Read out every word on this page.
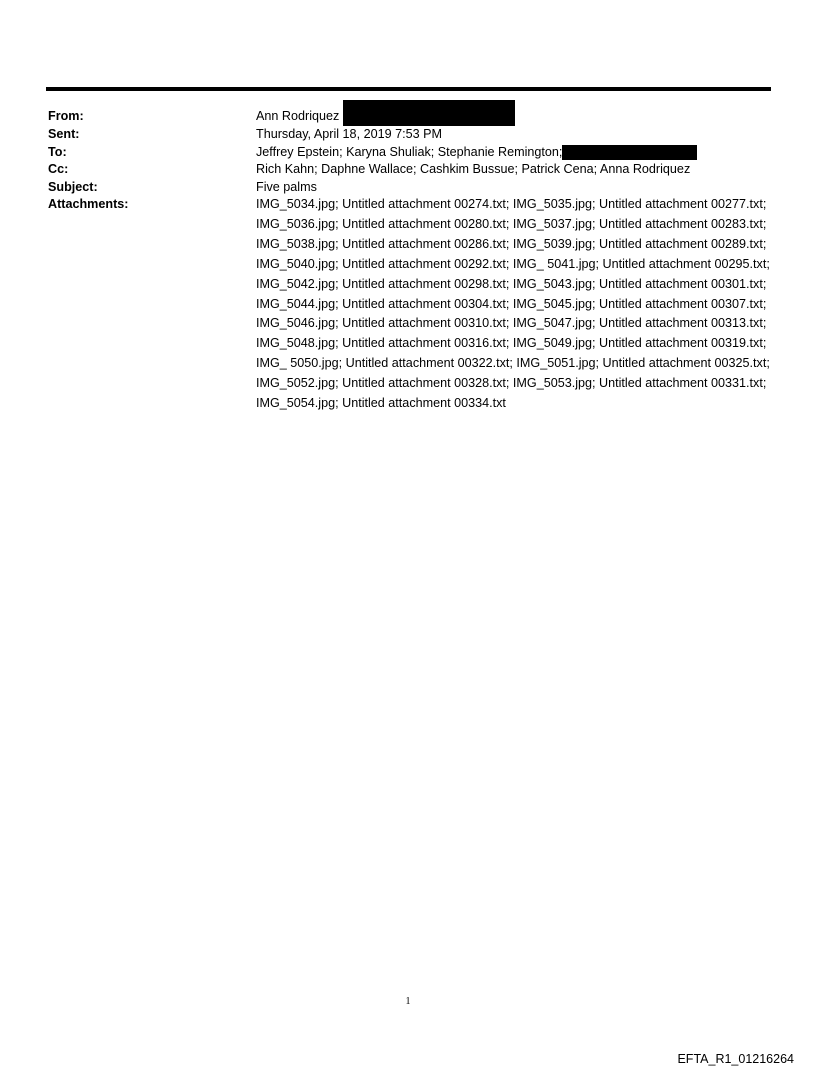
From:	Ann Rodriquez
Sent:	Thursday, April 18, 2019 7:53 PM
To:	Jeffrey Epstein; Karyna Shuliak; Stephanie Remington;
Cc:	Rich Kahn; Daphne Wallace; Cashkim Bussue; Patrick Cena; Anna Rodriquez
Subject:	Five palms
Attachments:	IMG_5034.jpg; Untitled attachment 00274.txt; IMG_5035.jpg; Untitled attachment 00277.txt; IMG_5036.jpg; Untitled attachment 00280.txt; IMG_5037.jpg; Untitled attachment 00283.txt; IMG_5038.jpg; Untitled attachment 00286.txt; IMG_5039.jpg; Untitled attachment 00289.txt; IMG_5040.jpg; Untitled attachment 00292.txt; IMG_ 5041.jpg; Untitled attachment 00295.txt; IMG_5042.jpg; Untitled attachment 00298.txt; IMG_5043.jpg; Untitled attachment 00301.txt; IMG_5044.jpg; Untitled attachment 00304.txt; IMG_5045.jpg; Untitled attachment 00307.txt; IMG_5046.jpg; Untitled attachment 00310.txt; IMG_5047.jpg; Untitled attachment 00313.txt; IMG_5048.jpg; Untitled attachment 00316.txt; IMG_5049.jpg; Untitled attachment 00319.txt; IMG_ 5050.jpg; Untitled attachment 00322.txt; IMG_5051.jpg; Untitled attachment 00325.txt; IMG_5052.jpg; Untitled attachment 00328.txt; IMG_5053.jpg; Untitled attachment 00331.txt; IMG_5054.jpg; Untitled attachment 00334.txt
1
EFTA_R1_01216264
